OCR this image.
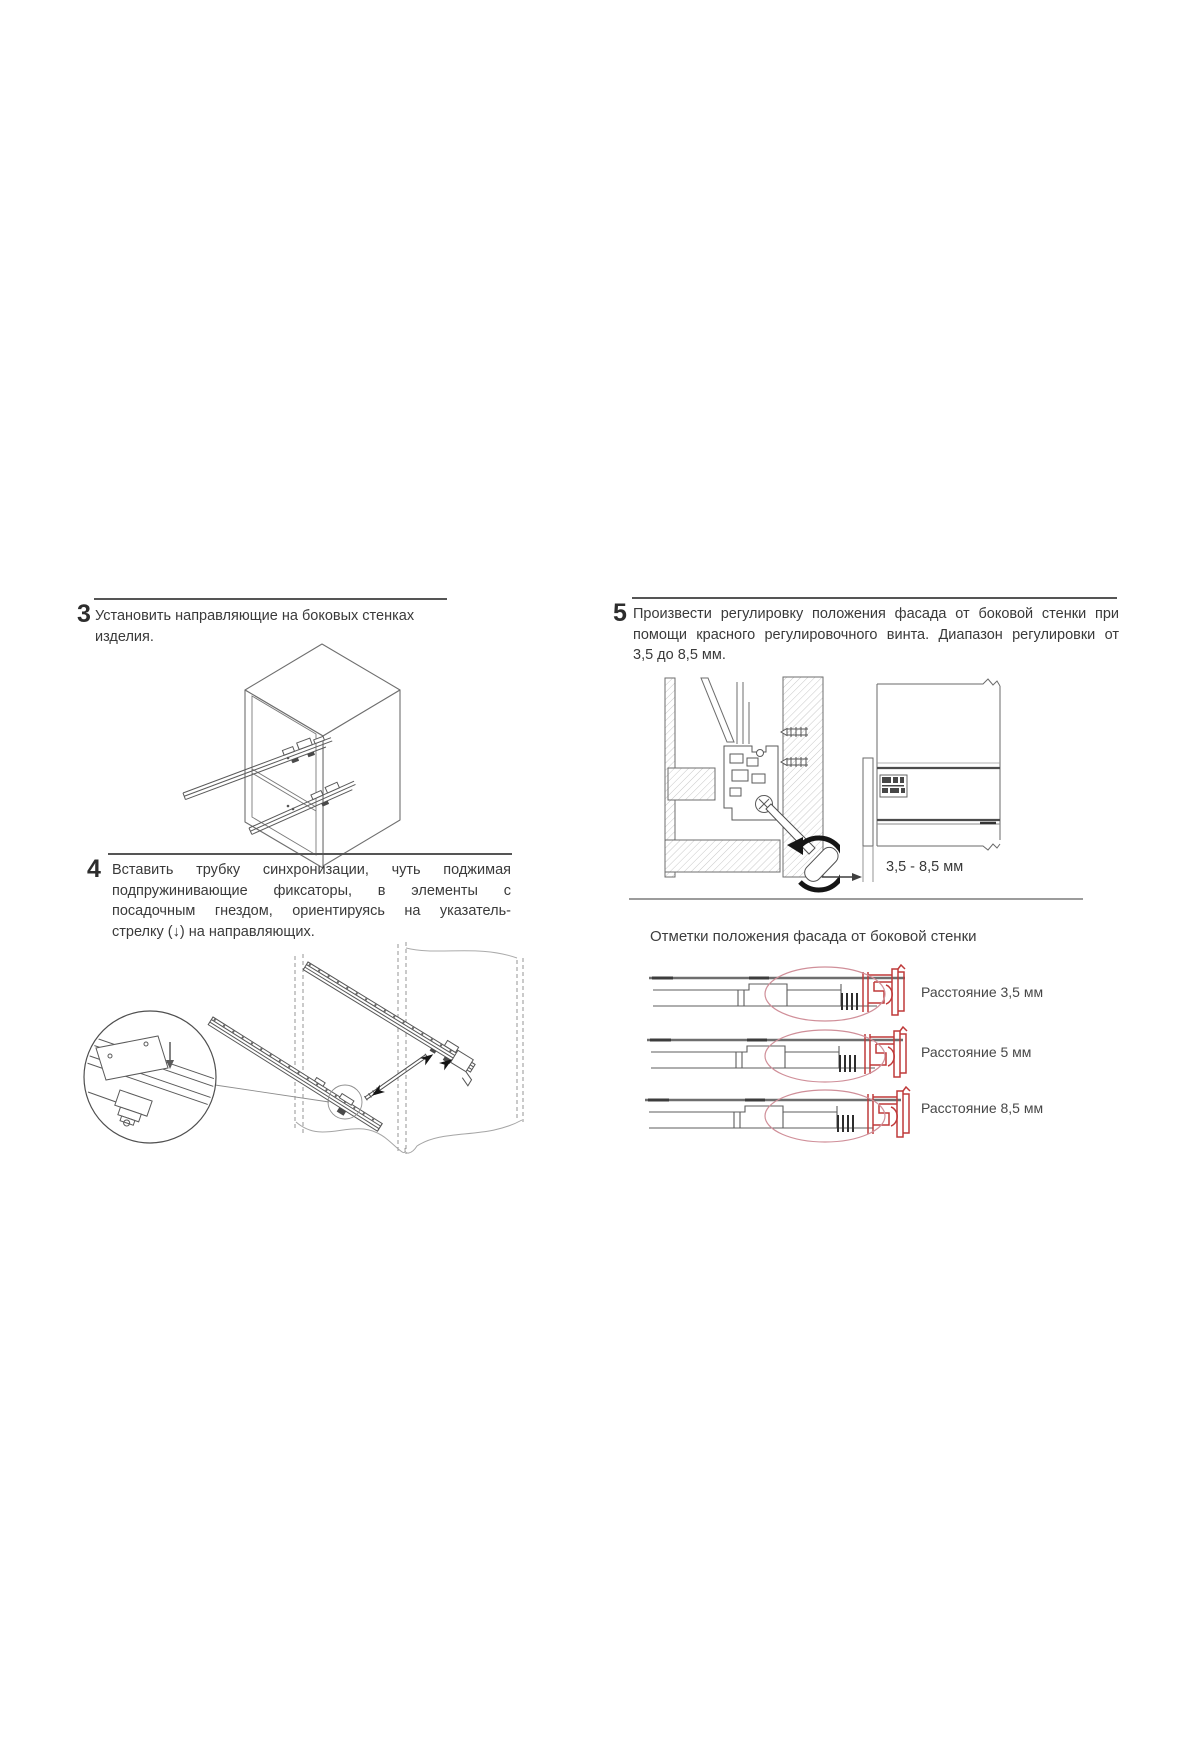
3 Установить направляющие на боковых стенках изделия.
4 Вставить трубку синхронизации, чуть поджимая
подпружинивающие фиксаторы, в элементы с
посадочным гнездом, ориентируясь на указатель-
стрелку (↓) на направляющих.
5 Произвести регулировку положения фасада от боковой стенки при
помощи красного регулировочного винта. Диапазон регулировки от
3,5 до 8,5 мм.
3,5 - 8,5 мм
Отметки положения фасада от боковой стенки
Расстояние 3,5 мм
Расстояние 5 мм
Расстояние 8,5 мм
